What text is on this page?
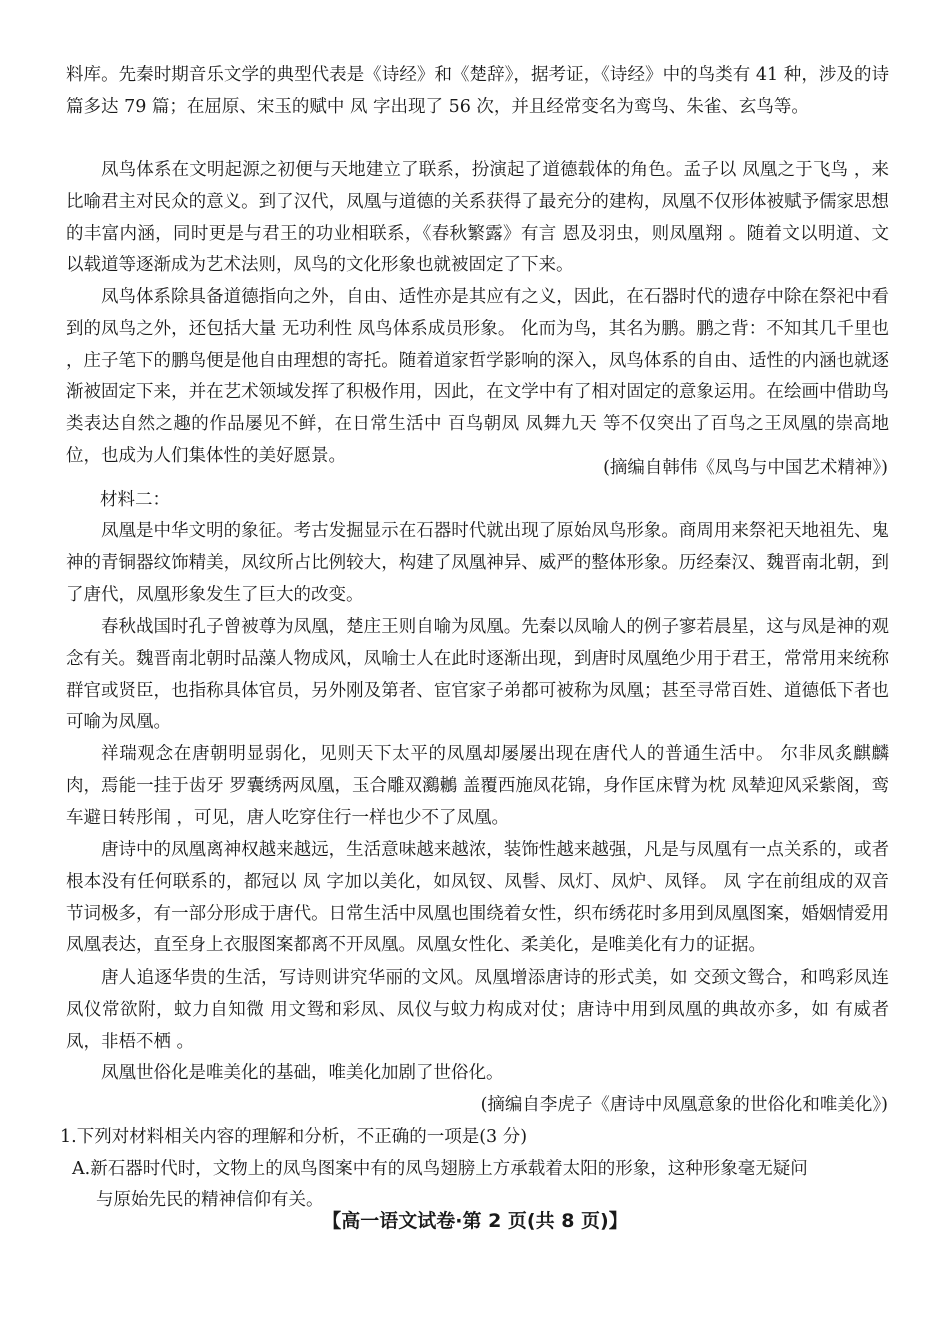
料库。先秦时期音乐文学的典型代表是《诗经》和《楚辞》，据考证，《诗经》中的鸟类有 41 种，涉及的诗篇多达 79 篇；在屈原、宋玉的赋中 凤 字出现了 56 次，并且经常变名为鸾鸟、朱雀、玄鸟等。

凤鸟体系在文明起源之初便与天地建立了联系，扮演起了道德载体的角色。孟子以 凤凰之于飞鸟 ，来比喻君主对民众的意义。到了汉代，凤凰与道德的关系获得了最充分的建构，凤凰不仅形体被赋予儒家思想的丰富内涵，同时更是与君王的功业相联系，《春秋繁露》有言 恩及羽虫，则凤凰翔 。随着文以明道、文以载道等逐渐成为艺术法则，凤鸟的文化形象也就被固定了下来。

凤鸟体系除具备道德指向之外，自由、适性亦是其应有之义，因此，在石器时代的遗存中除在祭祀中看到的凤鸟之外，还包括大量 无功利性 凤鸟体系成员形象。 化而为鸟，其名为鹏。鹏之背：不知其几千里也 ，庄子笔下的鹏鸟便是他自由理想的寄托。随着道家哲学影响的深入，凤鸟体系的自由、适性的内涵也就逐渐被固定下来，并在艺术领域发挥了积极作用，因此，在文学中有了相对固定的意象运用。在绘画中借助鸟类表达自然之趣的作品屡见不鲜，在日常生活中 百鸟朝凤 凤舞九天 等不仅突出了百鸟之王凤凰的崇高地位，也成为人们集体性的美好愿景。

(摘编自韩伟《凤鸟与中国艺术精神》)

材料二：

凤凰是中华文明的象征。考古发掘显示在石器时代就出现了原始凤鸟形象。商周用来祭祀天地祖先、鬼神的青铜器纹饰精美，凤纹所占比例较大，构建了凤凰神异、威严的整体形象。历经秦汉、魏晋南北朝，到了唐代，凤凰形象发生了巨大的改变。

春秋战国时孔子曾被尊为凤凰，楚庄王则自喻为凤凰。先秦以凤喻人的例子寥若晨星，这与凤是神的观念有关。魏晋南北朝时品藻人物成风，凤喻士人在此时逐渐出现，到唐时凤凰绝少用于君王，常常用来统称群官或贤臣，也指称具体官员，另外刚及第者、宦官家子弟都可被称为凤凰；甚至寻常百姓、道德低下者也可喻为凤凰。

祥瑞观念在唐朝明显弱化，见则天下太平的凤凰却屡屡出现在唐代人的普通生活中。 尔非凤炙麒麟肉，焉能一挂于齿牙 罗囊绣两凤凰，玉合雕双鸂鶒 盖覆西施凤花锦，身作匡床臂为枕 凤辇迎风采紫阁，鸾车避日转彤闱 ，可见，唐人吃穿住行一样也少不了凤凰。

唐诗中的凤凰离神权越来越远，生活意味越来越浓，装饰性越来越强，凡是与凤凰有一点关系的，或者根本没有任何联系的，都冠以 凤 字加以美化，如凤钗、凤髻、凤灯、凤炉、凤铎。 凤 字在前组成的双音节词极多，有一部分形成于唐代。日常生活中凤凰也围绕着女性，织布绣花时多用到凤凰图案，婚姻情爱用凤凰表达，直至身上衣服图案都离不开凤凰。凤凰女性化、柔美化，是唯美化有力的证据。

唐人追逐华贵的生活，写诗则讲究华丽的文风。凤凰增添唐诗的形式美，如 交颈文鸳合，和鸣彩凤连 凤仪常欲附，蚊力自知微 用文鸳和彩凤、凤仪与蚊力构成对仗；唐诗中用到凤凰的典故亦多，如 有威者凤，非梧不栖 。

凤凰世俗化是唯美化的基础，唯美化加剧了世俗化。

(摘编自李虎子《唐诗中凤凰意象的世俗化和唯美化》)

1.下列对材料相关内容的理解和分析，不正确的一项是(3 分)

A.新石器时代时，文物上的凤鸟图案中有的凤鸟翅膀上方承载着太阳的形象，这种形象毫无疑问

与原始先民的精神信仰有关。

【高一语文试卷·第 2 页(共 8 页)】
